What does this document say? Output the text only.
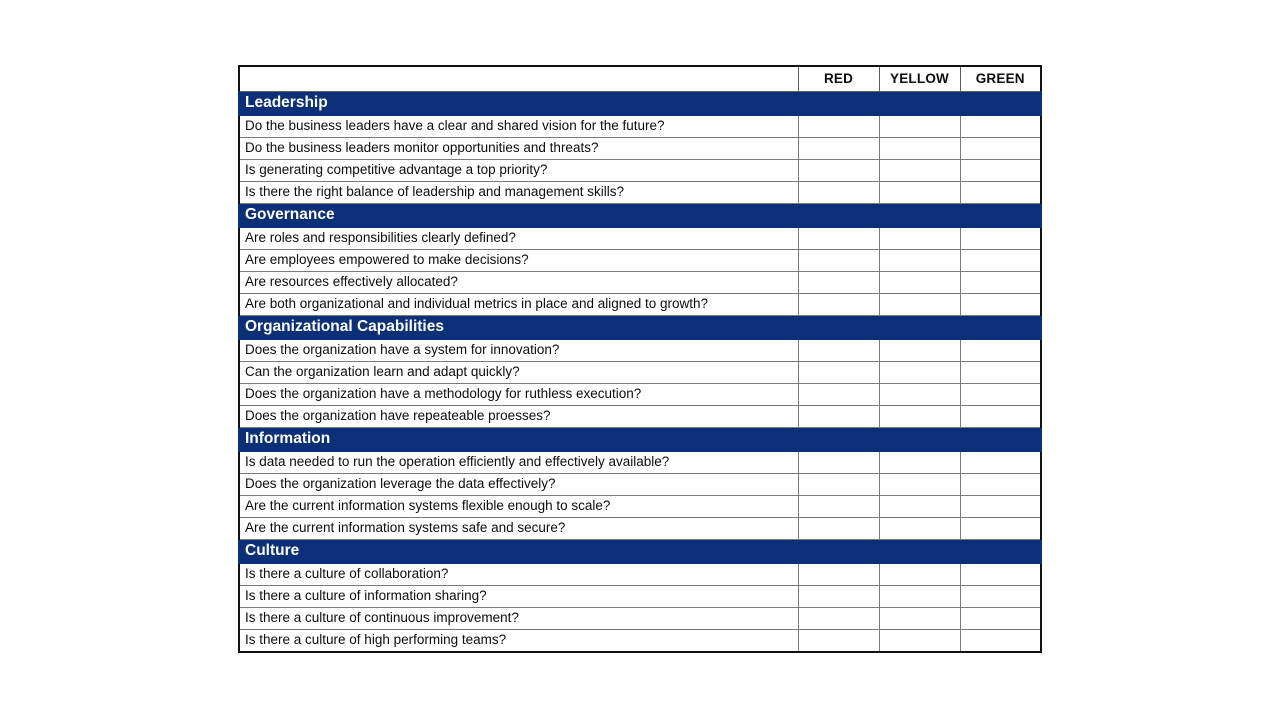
	RED	YELLOW	GREEN
Leadership			
Do the business leaders have a clear and shared vision for the future?			
Do the business leaders monitor opportunities and threats?			
Is generating competitive advantage a top priority?			
Is there the right balance of leadership and management skills?			
Governance			
Are roles and responsibilities clearly defined?			
Are employees empowered to make decisions?			
Are resources effectively allocated?			
Are both organizational and individual metrics in place and aligned to growth?			
Organizational Capabilities			
Does the organization have a system for innovation?			
Can the organization learn and adapt quickly?			
Does the organization have a methodology for ruthless execution?			
Does the organization have repeateable proesses?			
Information			
Is data needed to run the operation efficiently and effectively available?			
Does the organization leverage the data effectively?			
Are the current information systems flexible enough to scale?			
Are the current information systems safe and secure?			
Culture			
Is there a culture of collaboration?			
Is there a culture of information sharing?			
Is there a culture of continuous improvement?			
Is there a culture of high performing teams?			
